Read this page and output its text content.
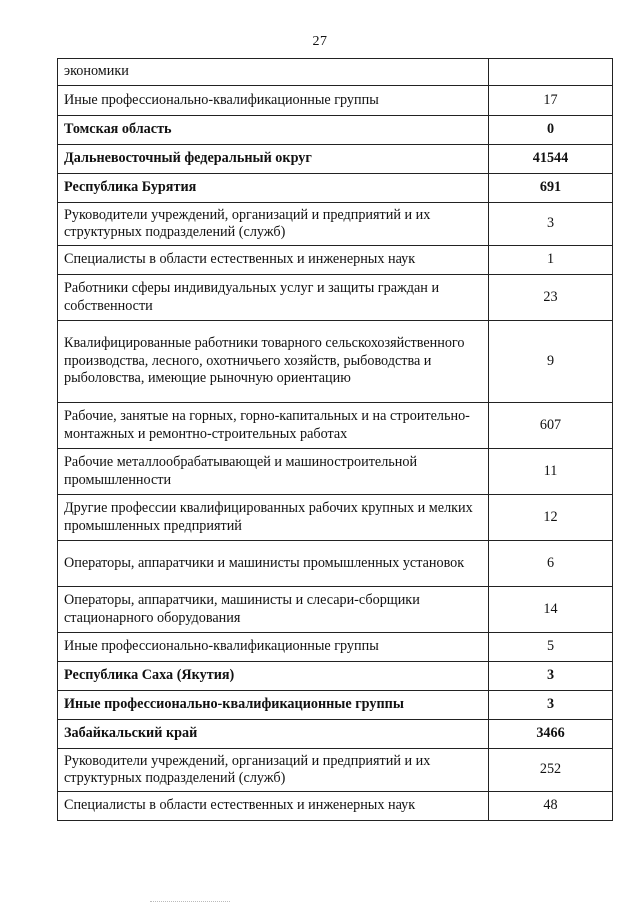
27
экономики	
Иные профессионально-квалификационные группы	17
Томская область	0
Дальневосточный федеральный округ	41544
Республика Бурятия	691
Руководители учреждений, организаций и предприятий и их структурных подразделений (служб)	3
Специалисты в области естественных и инженерных наук	1
Работники сферы индивидуальных услуг и защиты граждан и собственности	23
Квалифицированные работники товарного сельскохозяйственного производства, лесного, охотничьего хозяйств, рыбоводства и рыболовства, имеющие рыночную ориентацию	9
Рабочие, занятые на горных, горно-капитальных и на строительно-монтажных и ремонтно-строительных работах	607
Рабочие металлообрабатывающей и машиностроительной промышленности	11
Другие профессии квалифицированных рабочих крупных и мелких промышленных предприятий	12
Операторы, аппаратчики и машинисты промышленных установок	6
Операторы, аппаратчики, машинисты и слесари-сборщики стационарного оборудования	14
Иные профессионально-квалификационные группы	5
Республика Саха (Якутия)	3
Иные профессионально-квалификационные группы	3
Забайкальский край	3466
Руководители учреждений, организаций и предприятий и их структурных подразделений (служб)	252
Специалисты в области естественных и инженерных наук	48
